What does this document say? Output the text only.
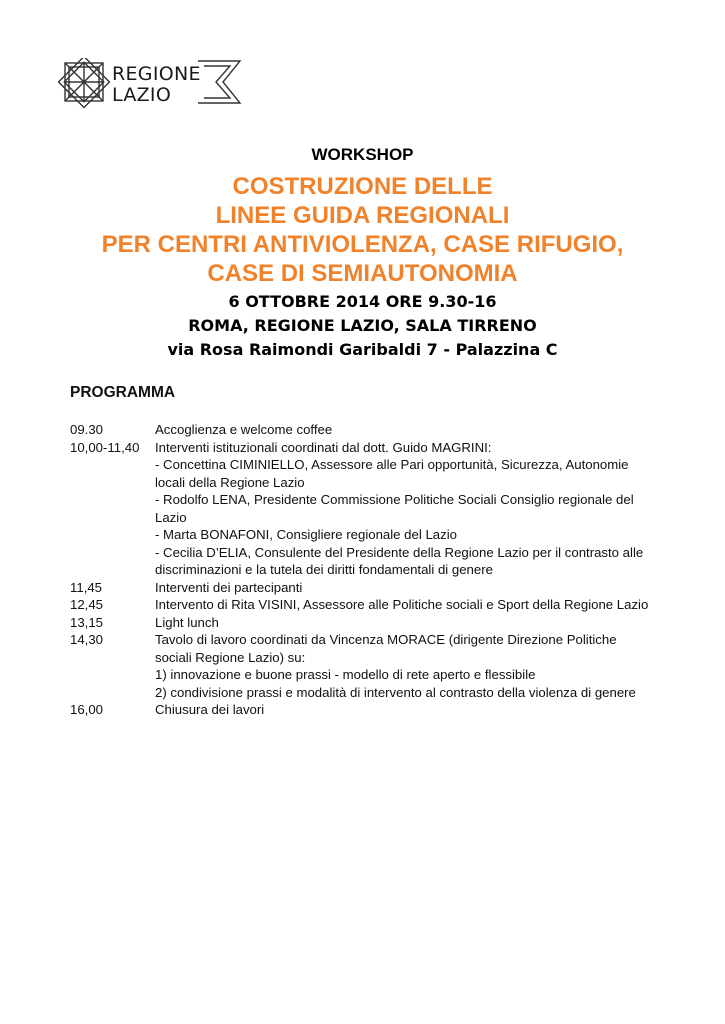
REGIONE
LAZIO
WORKSHOP
COSTRUZIONE DELLE
LINEE GUIDA REGIONALI
PER CENTRI ANTIVIOLENZA, CASE RIFUGIO,
CASE DI SEMIAUTONOMIA
6 OTTOBRE 2014 ORE 9.30-16
ROMA, REGIONE LAZIO, SALA TIRRENO
via Rosa Raimondi Garibaldi 7 - Palazzina C
PROGRAMMA
09.30	Accoglienza e welcome coffee
10,00-11,40	Interventi istituzionali coordinati dal dott. Guido MAGRINI:
- Concettina CIMINIELLO, Assessore alle Pari opportunità, Sicurezza, Autonomie
locali della Regione Lazio
- Rodolfo LENA, Presidente Commissione Politiche Sociali Consiglio regionale del
Lazio
- Marta BONAFONI, Consigliere regionale del Lazio
- Cecilia D’ELIA, Consulente del Presidente della Regione Lazio per il contrasto alle
discriminazioni e la tutela dei diritti fondamentali di genere
11,45	Interventi dei partecipanti
12,45	Intervento di Rita VISINI, Assessore alle Politiche sociali e Sport della Regione Lazio
13,15	Light lunch
14,30	Tavolo di lavoro coordinati da Vincenza MORACE (dirigente Direzione Politiche
sociali Regione Lazio) su:
1) innovazione e buone prassi - modello di rete aperto e flessibile
2) condivisione prassi e modalità di intervento al contrasto della violenza di genere
16,00	Chiusura dei lavori
